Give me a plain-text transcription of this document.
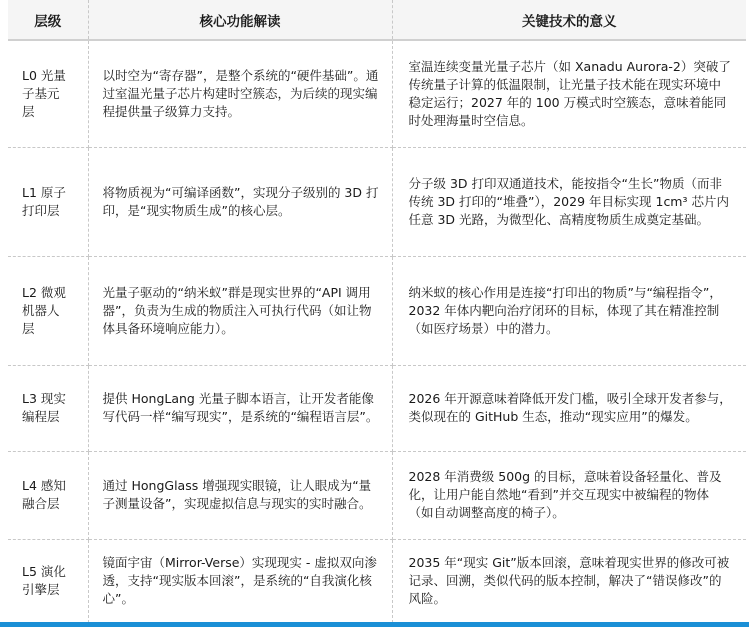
层级	核心功能解读	关键技术的意义

L0 光量子基元层	以时空为“寄存器”，是整个系统的“硬件基础”。通过室温光量子芯片构建时空簇态，为后续的现实编程提供量子级算力支持。	室温连续变量光量子芯片（如 Xanadu Aurora-2）突破了传统量子计算的低温限制，让光量子技术能在现实环境中稳定运行；2027 年的 100 万模式时空簇态，意味着能同时处理海量时空信息。

L1 原子打印层	将物质视为“可编译函数”，实现分子级别的 3D 打印，是“现实物质生成”的核心层。	分子级 3D 打印双通道技术，能按指令“生长”物质（而非传统 3D 打印的“堆叠”），2029 年目标实现 1cm³ 芯片内任意 3D 光路，为微型化、高精度物质生成奠定基础。

L2 微观机器人层	光量子驱动的“纳米蚁”群是现实世界的“API 调用器”，负责为生成的物质注入可执行代码（如让物体具备环境响应能力）。	纳米蚁的核心作用是连接“打印出的物质”与“编程指令”，2032 年体内靶向治疗闭环的目标，体现了其在精准控制（如医疗场景）中的潜力。

L3 现实编程层	提供 HongLang 光量子脚本语言，让开发者能像写代码一样“编写现实”，是系统的“编程语言层”。	2026 年开源意味着降低开发门槛，吸引全球开发者参与，类似现在的 GitHub 生态，推动“现实应用”的爆发。

L4 感知融合层	通过 HongGlass 增强现实眼镜，让人眼成为“量子测量设备”，实现虚拟信息与现实的实时融合。	2028 年消费级 500g 的目标，意味着设备轻量化、普及化，让用户能自然地“看到”并交互现实中被编程的物体（如自动调整高度的椅子）。

L5 演化引擎层	镜面宇宙（Mirror-Verse）实现现实 - 虚拟双向渗透，支持“现实版本回滚”，是系统的“自我演化核心”。	2035 年“现实 Git”版本回滚，意味着现实世界的修改可被记录、回溯，类似代码的版本控制，解决了“错误修改”的风险。
